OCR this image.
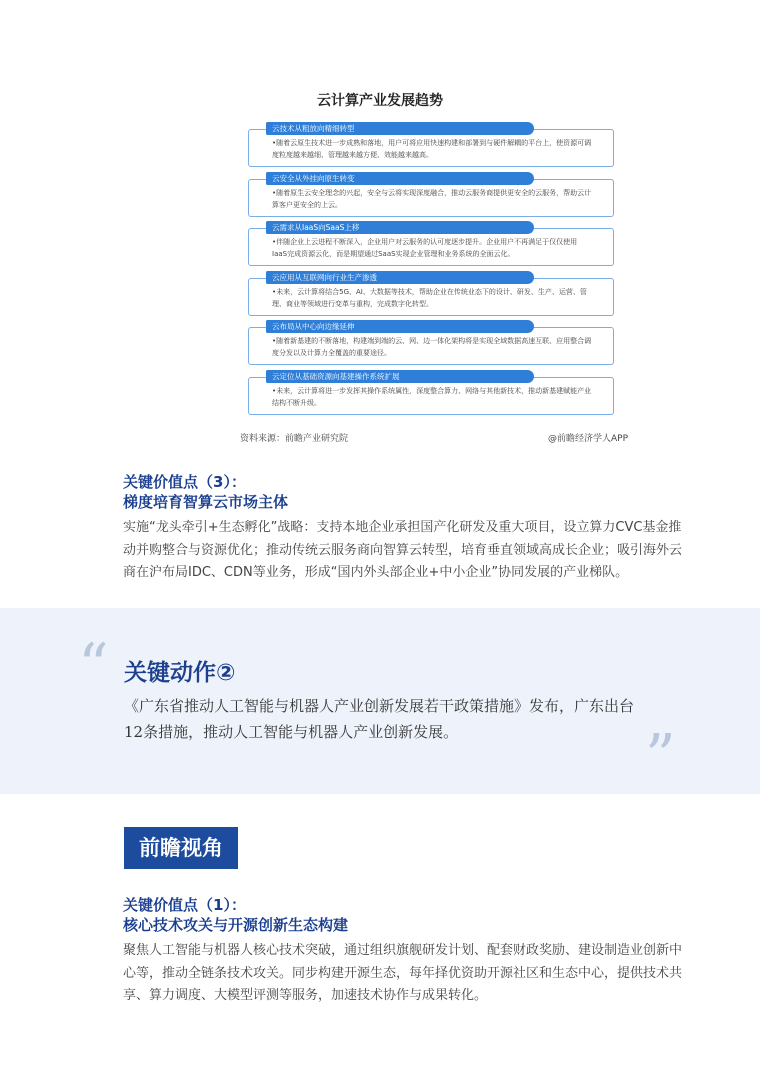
云计算产业发展趋势
云技术从粗放向精细转型
•随着云原生技术进一步成熟和落地，用户可将应用快速构建和部署到与硬件解耦的平台上，使资源可调度粒度越来越细、管理越来越方便、效能越来越高。
云安全从外挂向原生转变
•随着原生云安全理念的兴起，安全与云将实现深度融合，推动云服务商提供更安全的云服务，帮助云计算客户更安全的上云。
云需求从IaaS向SaaS上移
•伴随企业上云进程不断深入，企业用户对云服务的认可度逐步提升。企业用户不再满足于仅仅使用IaaS完成资源云化，而是期望通过SaaS实现企业管理和业务系统的全面云化。
云应用从互联网向行业生产渗透
•未来，云计算将结合5G、AI、大数据等技术，帮助企业在传统业态下的设计、研发、生产、运营、管理、商业等领域进行变革与重构，完成数字化转型。
云布局从中心向边缘延伸
•随着新基建的不断落地，构建端到端的云、网、边一体化架构将是实现全域数据高速互联、应用整合调度分发以及计算力全覆盖的重要途径。
云定位从基础资源向基建操作系统扩展
•未来，云计算将进一步发挥其操作系统属性，深度整合算力、网络与其他新技术，推动新基建赋能产业结构不断升级。
资料来源：前瞻产业研究院	@前瞻经济学人APP
关键价值点（3）：
梯度培育智算云市场主体
实施“龙头牵引+生态孵化”战略：支持本地企业承担国产化研发及重大项目，设立算力CVC基金推动并购整合与资源优化；推动传统云服务商向智算云转型，培育垂直领域高成长企业；吸引海外云商在沪布局IDC、CDN等业务，形成“国内外头部企业+中小企业”协同发展的产业梯队。
“ 关键动作②
《广东省推动人工智能与机器人产业创新发展若干政策措施》发布，广东出台12条措施，推动人工智能与机器人产业创新发展。	”
前瞻视角
关键价值点（1）：
核心技术攻关与开源创新生态构建
聚焦人工智能与机器人核心技术突破，通过组织旗舰研发计划、配套财政奖励、建设制造业创新中心等，推动全链条技术攻关。同步构建开源生态，每年择优资助开源社区和生态中心，提供技术共享、算力调度、大模型评测等服务，加速技术协作与成果转化。
